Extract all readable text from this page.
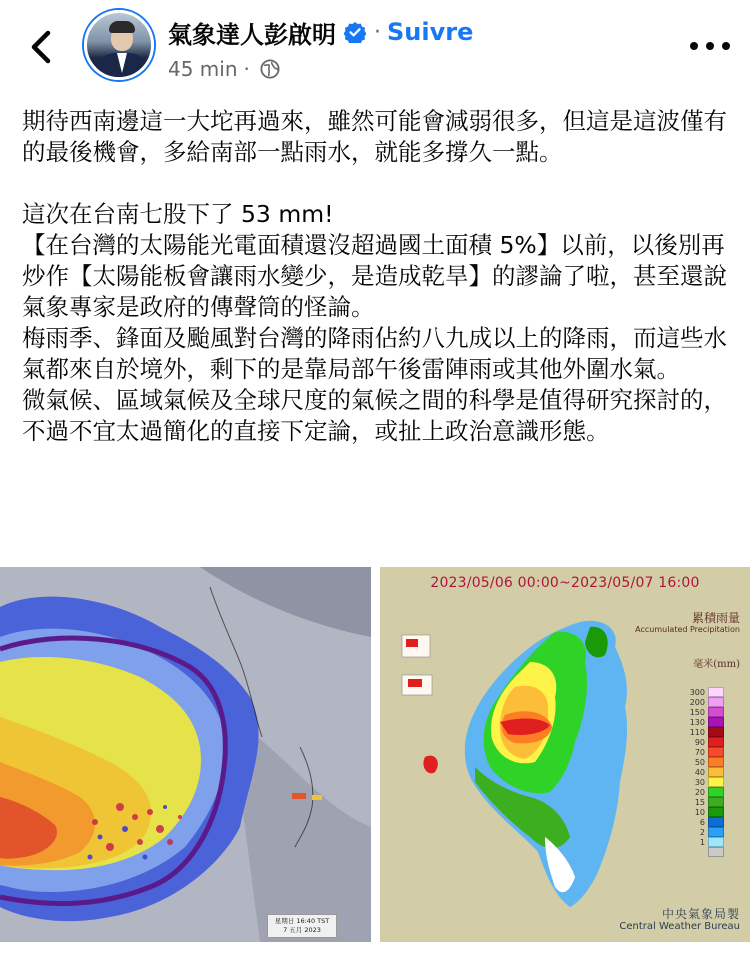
氣象達人彭啟明 · Suivre
45 min ·

期待西南邊這一大坨再過來，雖然可能會減弱很多，但這是這波僅有的最後機會，多給南部一點雨水，就能多撐久一點。

這次在台南七股下了 53 mm!

【在台灣的太陽能光電面積還沒超過國土面積 5%】以前，以後別再炒作【太陽能板會讓雨水變少，是造成乾旱】的謬論了啦，甚至還說氣象專家是政府的傳聲筒的怪論。

梅雨季、鋒面及颱風對台灣的降雨佔約八九成以上的降雨，而這些水氣都來自於境外，剩下的是靠局部午後雷陣雨或其他外圍水氣。

微氣候、區域氣候及全球尺度的氣候之間的科學是值得研究探討的，不過不宜太過簡化的直接下定論，或扯上政治意識形態。

星期日 16:40 TST
7 五月 2023
2023/05/06 00:00~2023/05/07 16:00
累積雨量
Accumulated Precipitation
毫米(mm)
300
200
150
130
110
90
70
50
40
30
20
15
10
6
2
1
中央氣象局製
Central Weather Bureau
